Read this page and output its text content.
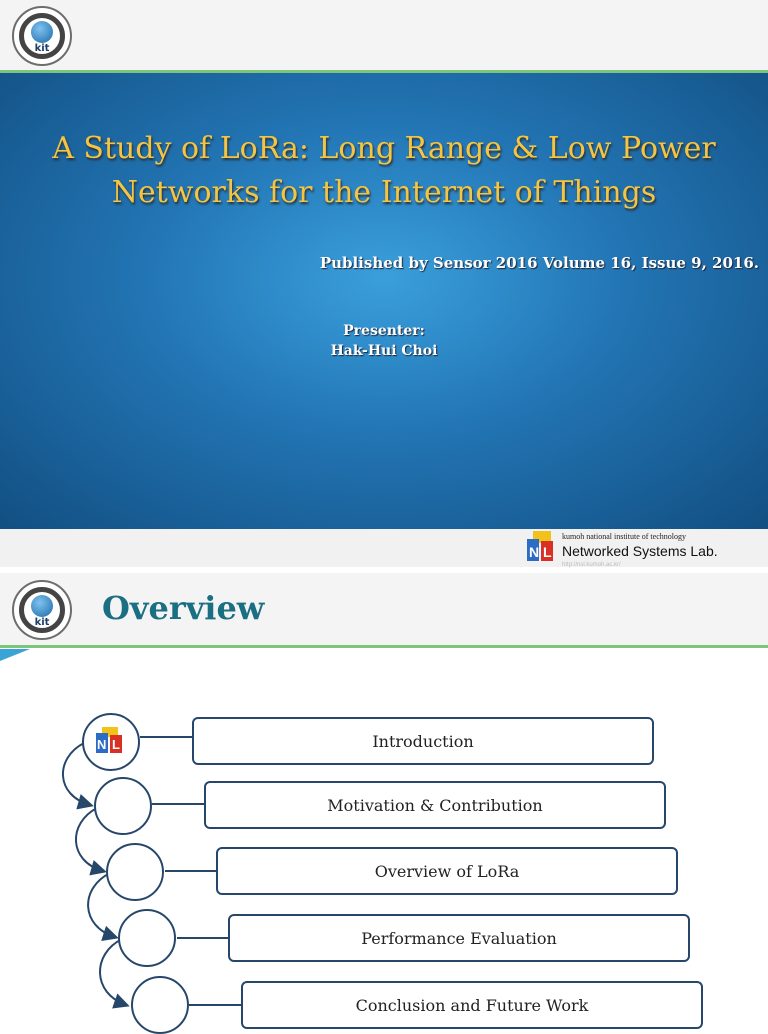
kit
A Study of LoRa: Long Range & Low Power
Networks for the Internet of Things
Published by Sensor 2016 Volume 16, Issue 9, 2016.
Presenter:
Hak-Hui Choi
N L
kumoh national institute of technology
Networked Systems Lab.
http://nsl.kumoh.ac.kr/
kit	Overview
N L	Introduction
Motivation & Contribution
Overview of LoRa
Performance Evaluation
Conclusion and Future Work
